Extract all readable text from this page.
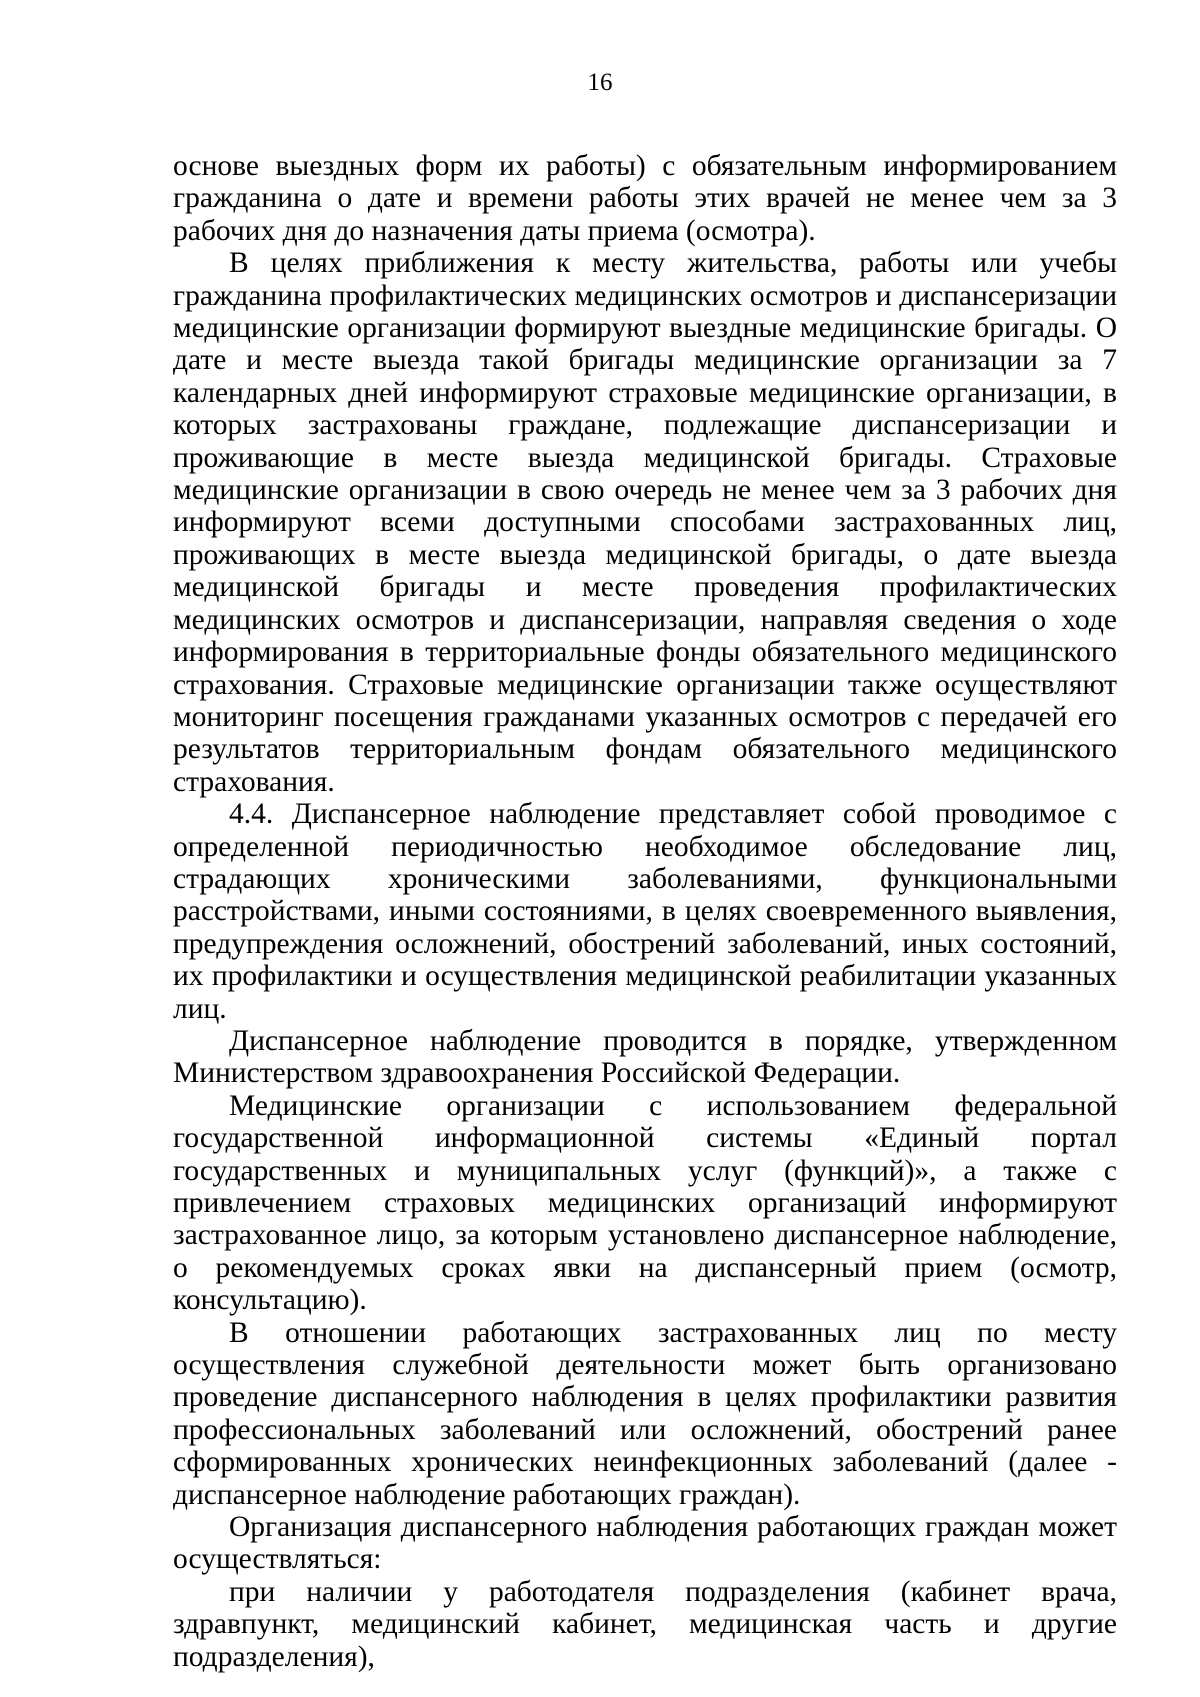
16

основе выездных форм их работы) с обязательным информированием гражданина о дате и времени работы этих врачей не менее чем за 3 рабочих дня до назначения даты приема (осмотра).

В целях приближения к месту жительства, работы или учебы гражданина профилактических медицинских осмотров и диспансеризации медицинские организации формируют выездные медицинские бригады. О дате и месте выезда такой бригады медицинские организации за 7 календарных дней информируют страховые медицинские организации, в которых застрахованы граждане, подлежащие диспансеризации и проживающие в месте выезда медицинской бригады. Страховые медицинские организации в свою очередь не менее чем за 3 рабочих дня информируют всеми доступными способами застрахованных лиц, проживающих в месте выезда медицинской бригады, о дате выезда медицинской бригады и месте проведения профилактических медицинских осмотров и диспансеризации, направляя сведения о ходе информирования в территориальные фонды обязательного медицинского страхования. Страховые медицинские организации также осуществляют мониторинг посещения гражданами указанных осмотров с передачей его результатов территориальным фондам обязательного медицинского страхования.

4.4. Диспансерное наблюдение представляет собой проводимое с определенной периодичностью необходимое обследование лиц, страдающих хроническими заболеваниями, функциональными расстройствами, иными состояниями, в целях своевременного выявления, предупреждения осложнений, обострений заболеваний, иных состояний, их профилактики и осуществления медицинской реабилитации указанных лиц.

Диспансерное наблюдение проводится в порядке, утвержденном Министерством здравоохранения Российской Федерации.

Медицинские организации с использованием федеральной государственной информационной системы «Единый портал государственных и муниципальных услуг (функций)», а также с привлечением страховых медицинских организаций информируют застрахованное лицо, за которым установлено диспансерное наблюдение, о рекомендуемых сроках явки на диспансерный прием (осмотр, консультацию).

В отношении работающих застрахованных лиц по месту осуществления служебной деятельности может быть организовано проведение диспансерного наблюдения в целях профилактики развития профессиональных заболеваний или осложнений, обострений ранее сформированных хронических неинфекционных заболеваний (далее - диспансерное наблюдение работающих граждан).

Организация диспансерного наблюдения работающих граждан может осуществляться:

при наличии у работодателя подразделения (кабинет врача, здравпункт, медицинский кабинет, медицинская часть и другие подразделения),
